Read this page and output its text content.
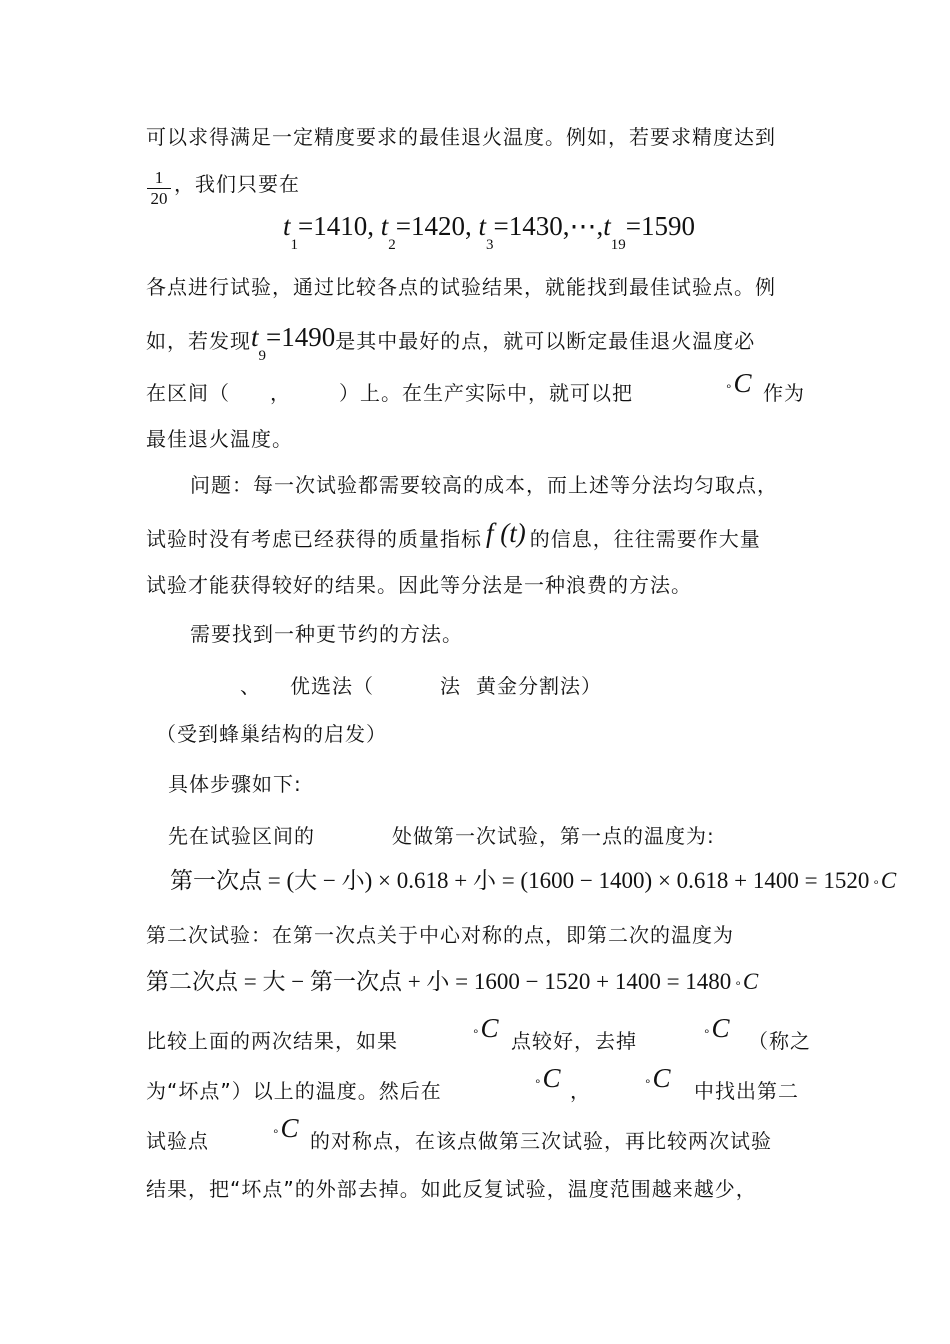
可以求得满足一定精度要求的最佳退火温度。例如，若要求精度达到
1
20
，我们只要在
$t_1=1410$, $t_2=1420$, $t_3=1430,\cdots,t_{19}=1590$
各点进行试验，通过比较各点的试验结果，就能找到最佳试验点。例
如，若发现$t_9=1490$是其中最好的点，就可以断定最佳退火温度必
在区间（ ， ）上。在生产实际中，就可以把	∘C 作为
最佳退火温度。
问题：每一次试验都需要较高的成本，而上述等分法均匀取点，
试验时没有考虑已经获得的质量指标 f (t) 的信息，往往需要作大量
试验才能获得较好的结果。因此等分法是一种浪费的方法。
需要找到一种更节约的方法。
、 优选法（	法 黄金分割法）
（受到蜂巢结构的启发）
具体步骤如下:
先在试验区间的	处做第一次试验，第一点的温度为:
第一次点 = (大 − 小) × 0.618 + 小 = (1600 − 1400) × 0.618 + 1400 = 1520 ∘C
第二次试验：在第一次点关于中心对称的点，即第二次的温度为
第二次点 = 大 − 第一次点 + 小 = 1600 − 1520 + 1400 = 1480 ∘C
比较上面的两次结果，如果	∘C 点较好，去掉	∘C （称之
为“坏点”）以上的温度。然后在	∘C ，	∘C 中找出第二
试验点	∘C 的对称点，在该点做第三次试验，再比较两次试验
结果，把“坏点”的外部去掉。如此反复试验，温度范围越来越少，
